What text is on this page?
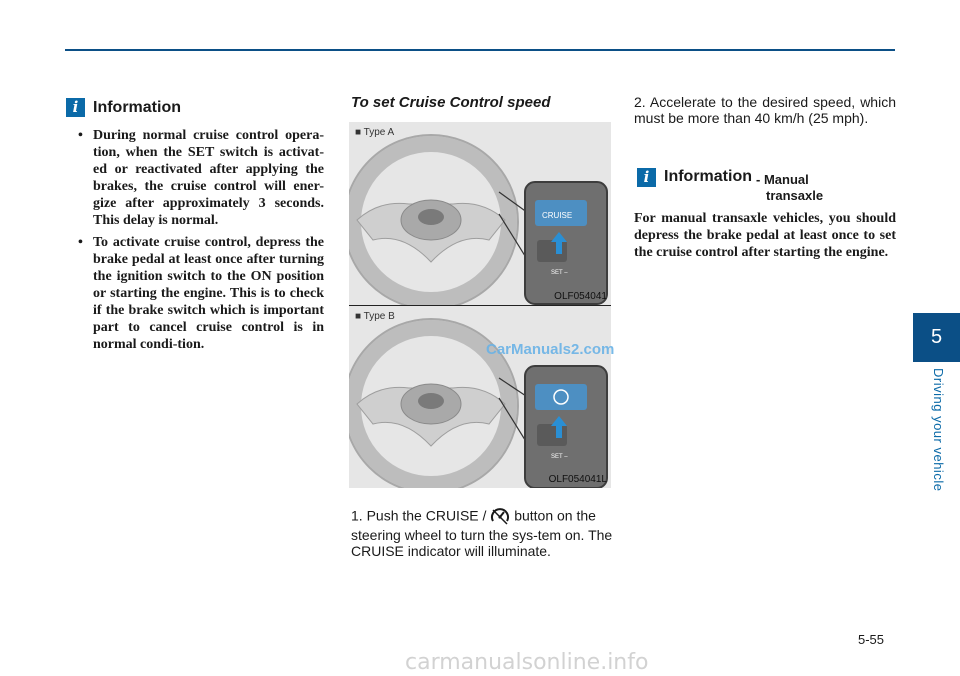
i Information
• During normal cruise control opera-tion, when the SET switch is activat-ed or reactivated after applying the brakes, the cruise control will ener-gize after approximately 3 seconds. This delay is normal.
• To activate cruise control, depress the brake pedal at least once after turning the ignition switch to the ON position or starting the engine. This is to check if the brake switch which is important part to cancel cruise control is in normal condi-tion.
To set Cruise Control speed
■ Type A
CRUISE
SET –
OLF054041
■ Type B
SET –
OLF054041L
CarManuals2.com
1. Push the CRUISE / button on the steering wheel to turn the sys-tem on. The CRUISE indicator will illuminate.
2. Accelerate to the desired speed, which must be more than 40 km/h (25 mph).
i Information - Manual
transaxle

For manual transaxle vehicles, you should depress the brake pedal at least once to set the cruise control after starting the engine.

5
Driving your vehicle
5-55
carmanualsonline.info
